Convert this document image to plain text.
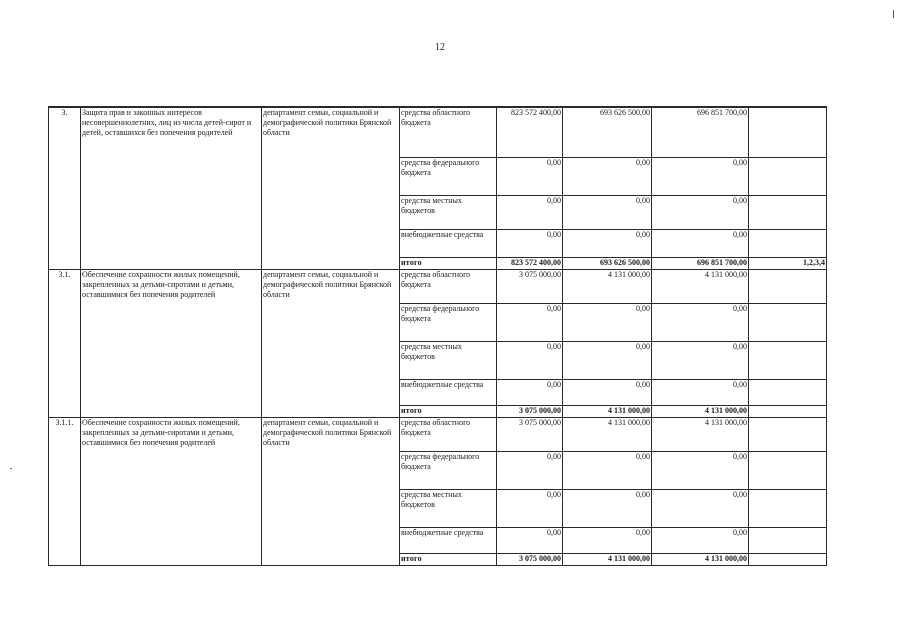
12
3.	Защита прав и законных интересов несовершеннолетних, лиц из числа детей-сирот и детей, оставшихся без попечения родителей	департамент семьи, социальной и демографической политики Брянской области	средства областного бюджета	823 572 400,00	693 626 500,00	696 851 700,00	
			средства федерального бюджета	0,00	0,00	0,00	
			средства местных бюджетов	0,00	0,00	0,00	
			внебюджетные средства	0,00	0,00	0,00	
			итого	823 572 400,00	693 626 500,00	696 851 700,00	1,2,3,4
3.1.	Обеспечение сохранности жилых помещений, закрепленных за детьми-сиротами и детьми, оставшимися без попечения родителей	департамент семьи, социальной и демографической политики Брянской области	средства областного бюджета	3 075 000,00	4 131 000,00	4 131 000,00	
			средства федерального бюджета	0,00	0,00	0,00	
			средства местных бюджетов	0,00	0,00	0,00	
			внебюджетные средства	0,00	0,00	0,00	
			итого	3 075 000,00	4 131 000,00	4 131 000,00	
3.1.1.	Обеспечение сохранности жилых помещений, закрепленных за детьми-сиротами и детьми, оставшимися без попечения родителей	департамент семьи, социальной и демографической политики Брянской области	средства областного бюджета	3 075 000,00	4 131 000,00	4 131 000,00	
			средства федерального бюджета	0,00	0,00	0,00	
			средства местных бюджетов	0,00	0,00	0,00	
			внебюджетные средства	0,00	0,00	0,00	
			итого	3 075 000,00	4 131 000,00	4 131 000,00	
